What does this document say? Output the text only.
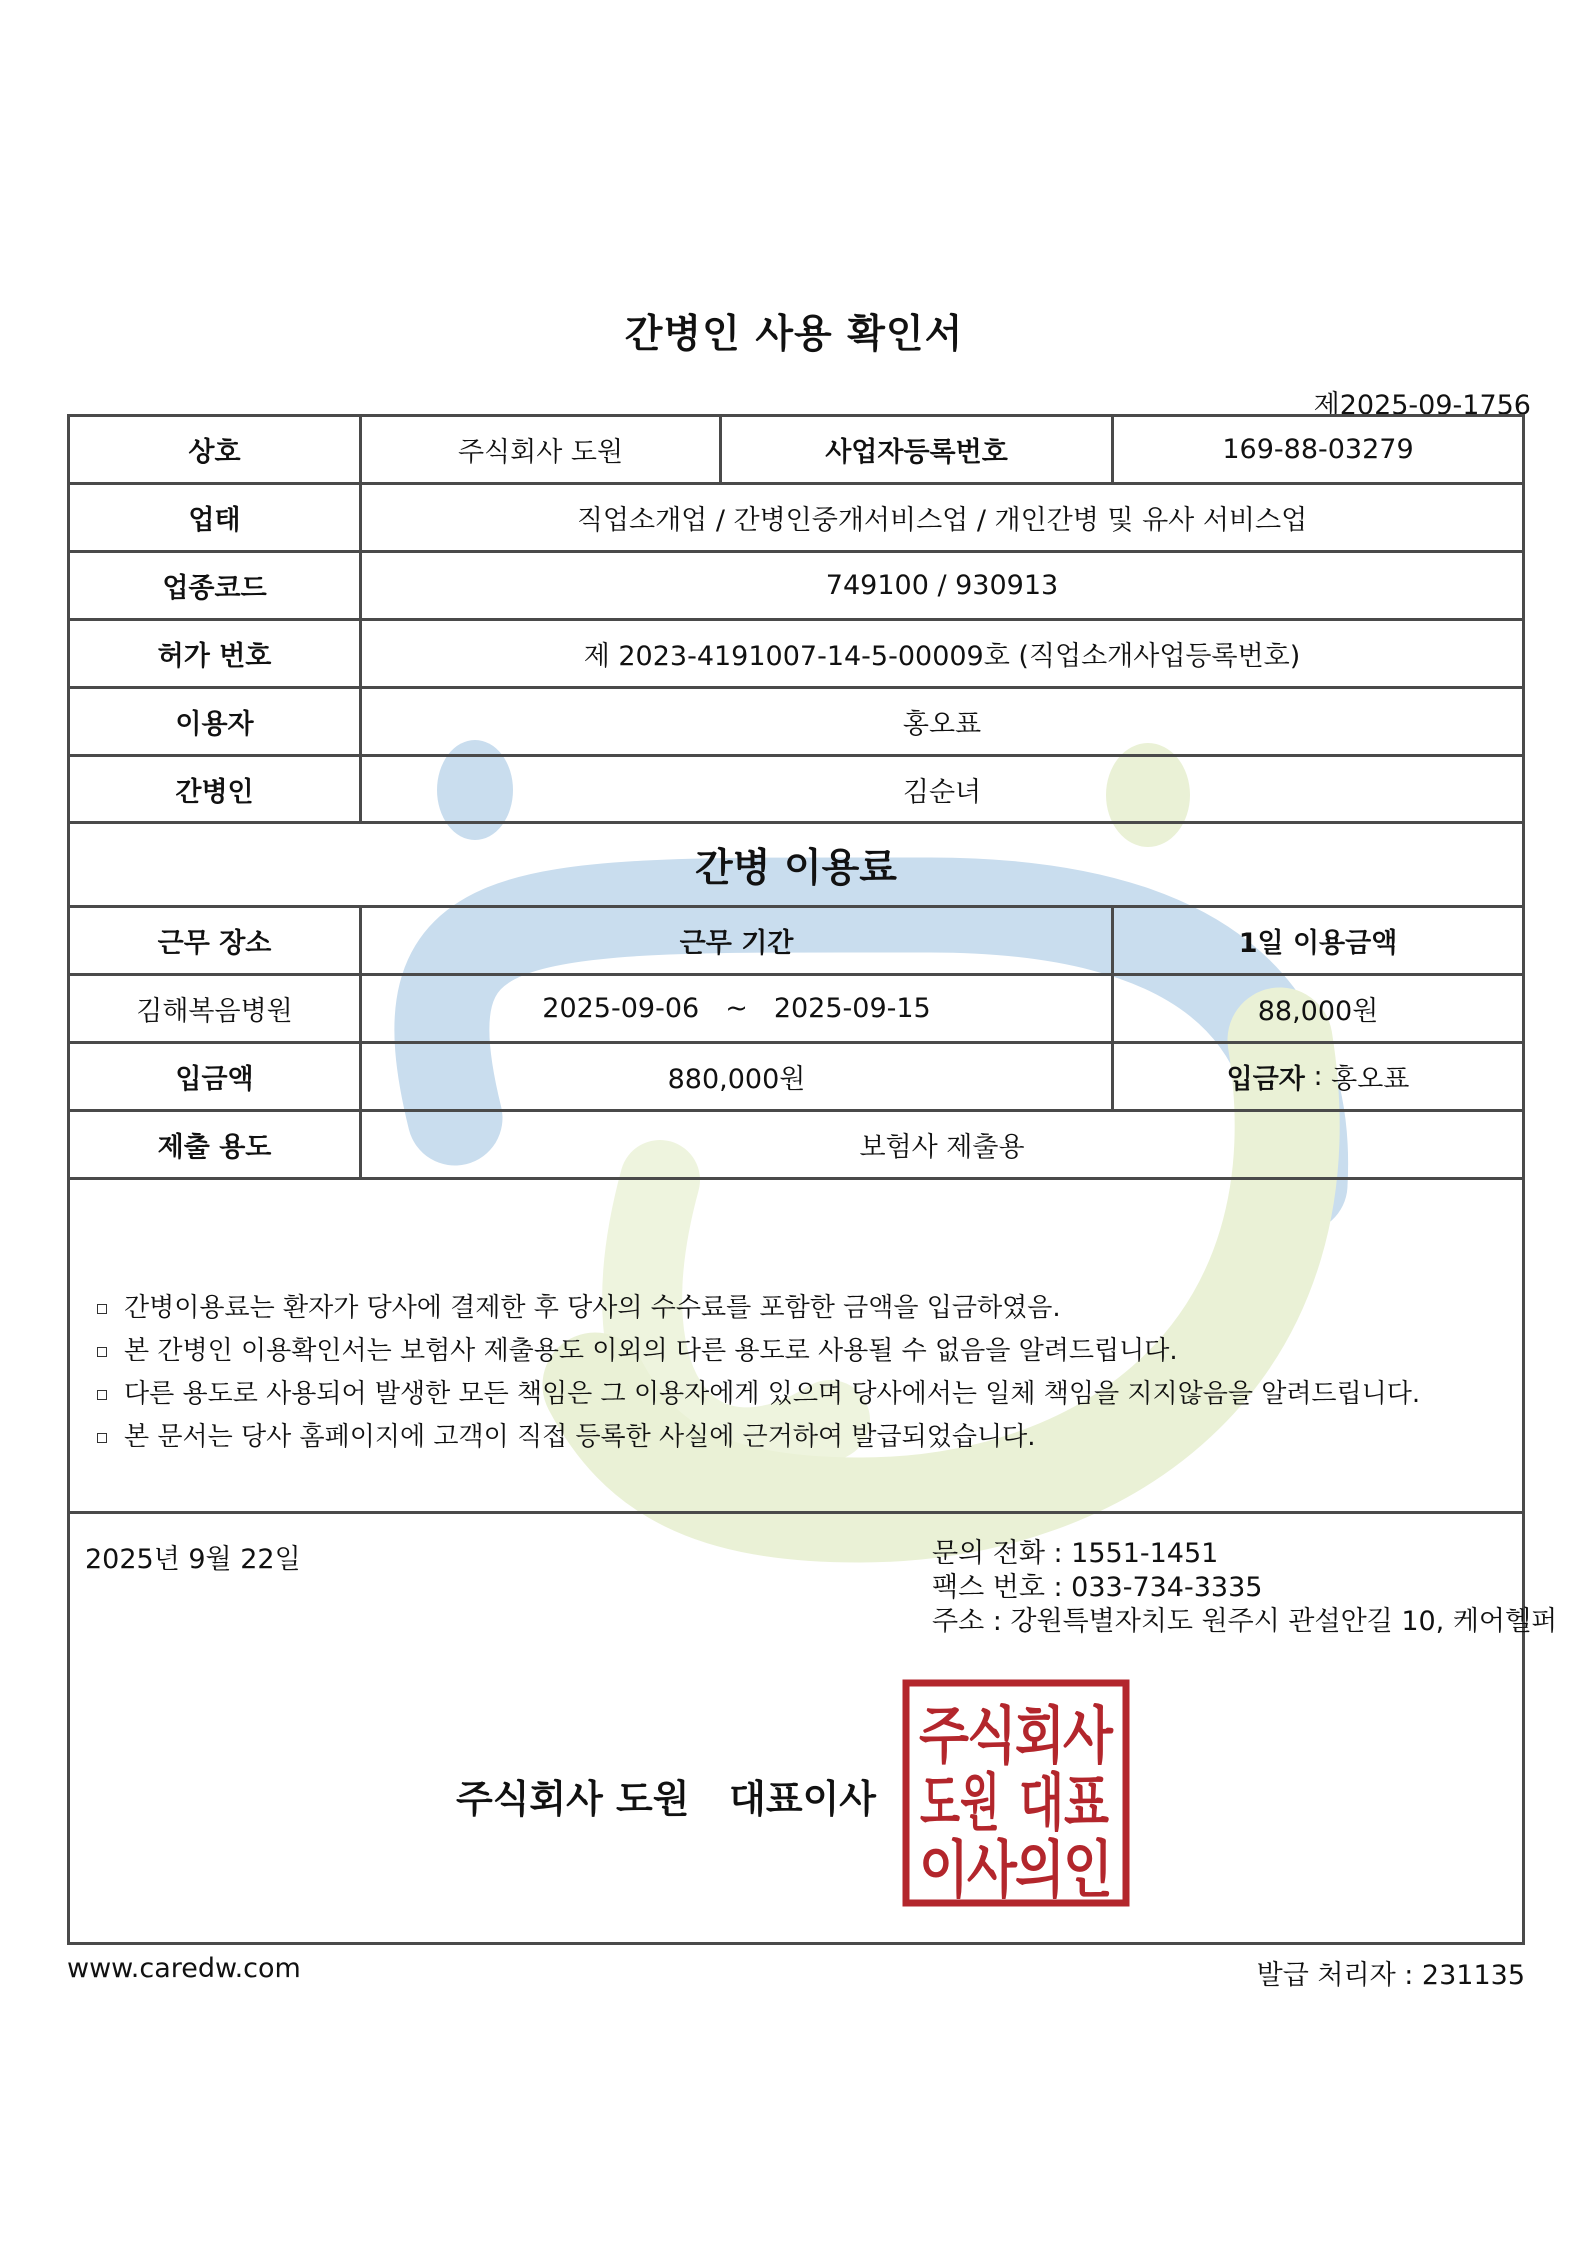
간병인 사용 확인서
제2025-09-1756
상호	주식회사 도원	사업자등록번호	169-88-03279
업태	직업소개업 / 간병인중개서비스업 / 개인간병 및 유사 서비스업
업종코드	749100 / 930913
허가 번호	제 2023-4191007-14-5-00009호 (직업소개사업등록번호)
이용자	홍오표
간병인	김순녀
간병 이용료
근무 장소	근무 기간	1일 이용금액
김해복음병원	2025-09-06 ~ 2025-09-15	88,000원
입금액	880,000원	입금자 : 홍오표
제출 용도	보험사 제출용
간병이용료는 환자가 당사에 결제한 후 당사의 수수료를 포함한 금액을 입금하였음.
본 간병인 이용확인서는 보험사 제출용도 이외의 다른 용도로 사용될 수 없음을 알려드립니다.
다른 용도로 사용되어 발생한 모든 책임은 그 이용자에게 있으며 당사에서는 일체 책임을 지지않음을 알려드립니다.
본 문서는 당사 홈페이지에 고객이 직접 등록한 사실에 근거하여 발급되었습니다.
2025년 9월 22일	문의 전화 : 1551-1451
팩스 번호 : 033-734-3335
주소 : 강원특별자치도 원주시 관설안길 10, 케어헬퍼
주식회사 도원   대표이사
주
식
회
사
도원 대표
이
사
의
인
www.caredw.com	발급 처리자 : 231135
